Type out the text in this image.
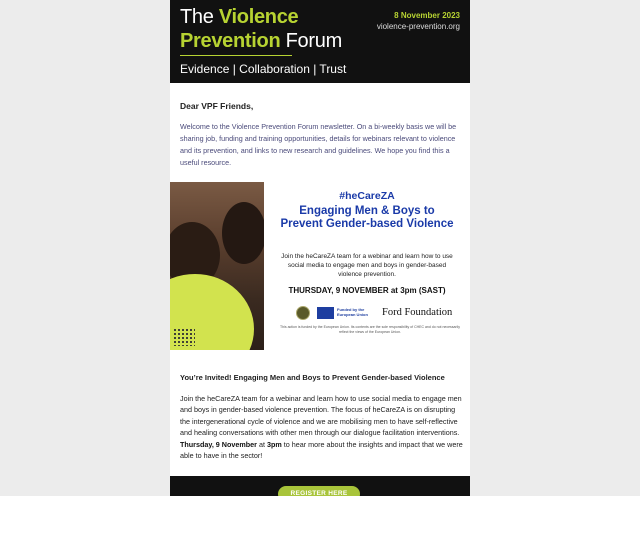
The Violence
Prevention Forum
Evidence | Collaboration | Trust
8 November 2023
violence-prevention.org
Dear VPF Friends,

Welcome to the Violence Prevention Forum newsletter. On a bi-weekly basis we will be sharing job, funding and training opportunities, details for webinars relevant to violence and its prevention, and links to new research and guidelines. We hope you find this a useful resource.

#heCareZA
Engaging Men & Boys to Prevent Gender-based Violence
Join the heCareZA team for a webinar and learn how to use social media to engage men and boys in gender-based violence prevention.
THURSDAY, 9 NOVEMBER at 3pm (SAST)
Funded by the European Union	Ford Foundation
This action is funded by the European Union. Its contents are the sole responsibility of CHEC and do not necessarily reflect the views of the European Union.
You’re Invited! Engaging Men and Boys to Prevent Gender-based Violence

Join the heCareZA team for a webinar and learn how to use social media to engage men and boys in gender-based violence prevention. The focus of heCareZA is on disrupting the intergenerational cycle of violence and we are mobilising men to have self-reflective and healing conversations with other men through our dialogue facilitation interventions. Thursday, 9 November at 3pm to hear more about the insights and impact that we were able to have in the sector!

REGISTER HERE
